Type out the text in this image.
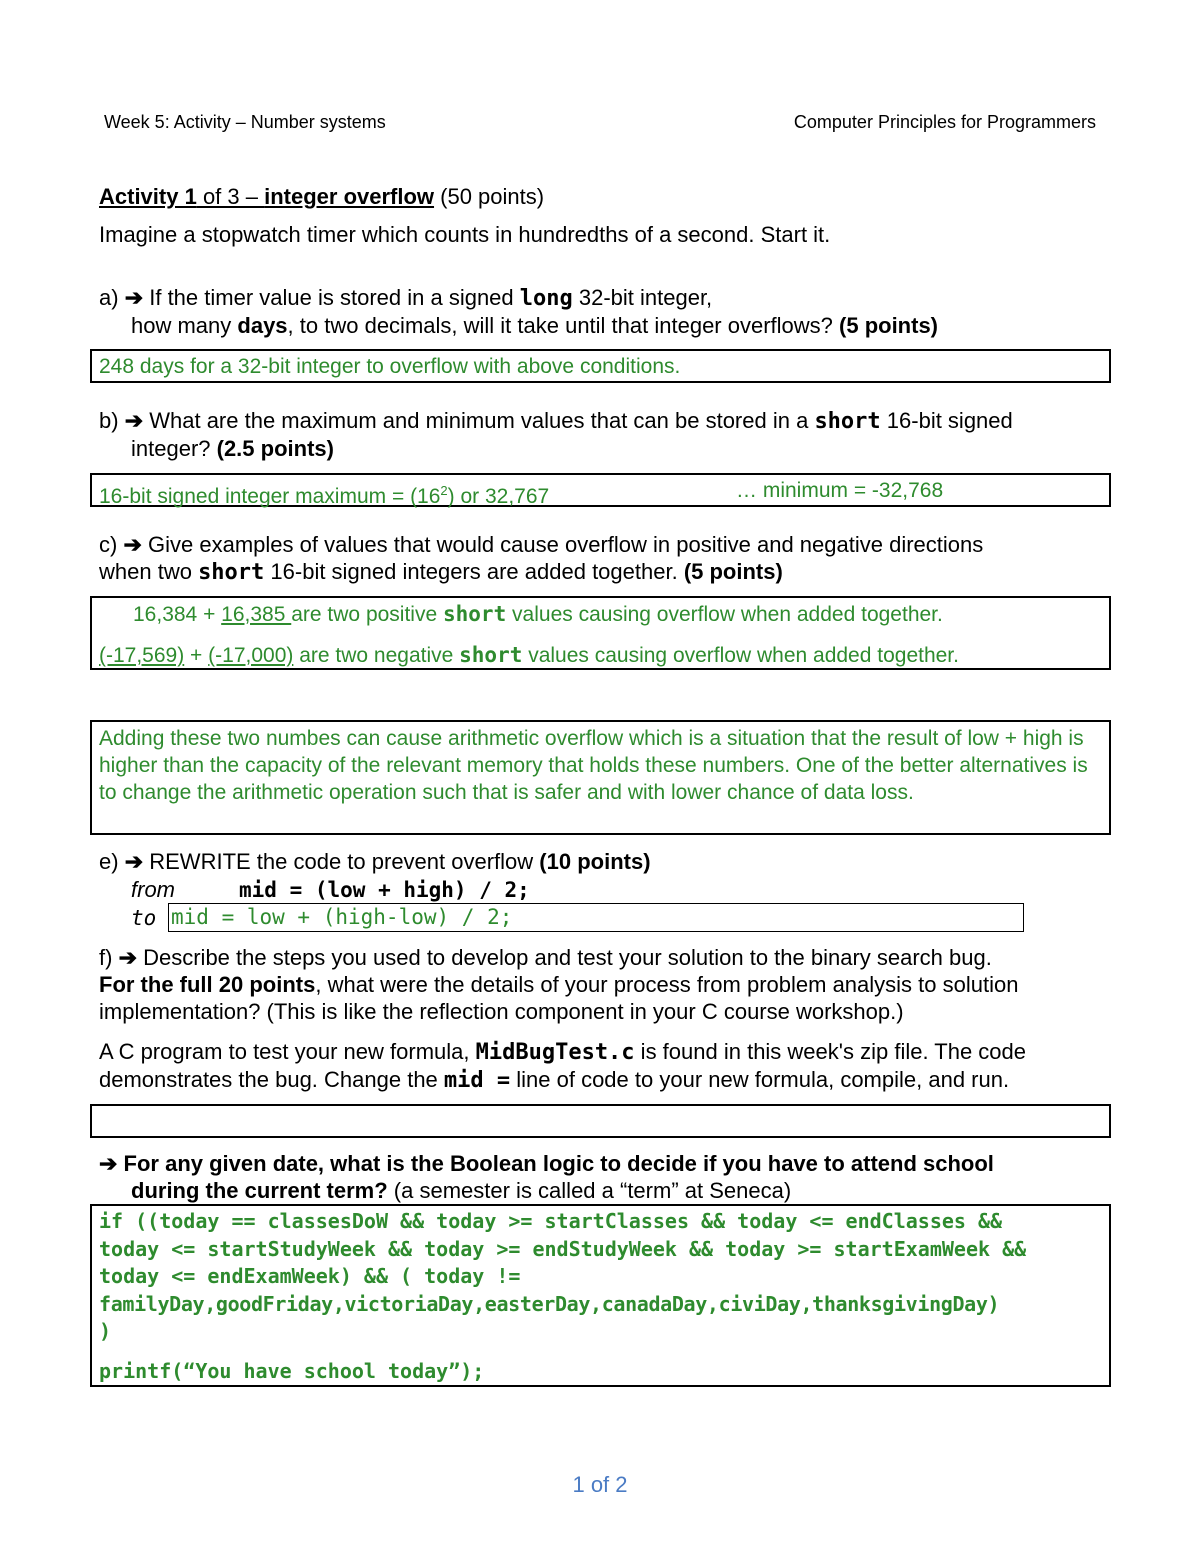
Week 5: Activity – Number systems	Computer Principles for Programmers
Activity 1 of 3 – integer overflow (50 points)
Imagine a stopwatch timer which counts in hundredths of a second. Start it.
a) ➔ If the timer value is stored in a signed long 32-bit integer,
how many days, to two decimals, will it take until that integer overflows? (5 points)
248 days for a 32-bit integer to overflow with above conditions.
b) ➔ What are the maximum and minimum values that can be stored in a short 16-bit signed
integer? (2.5 points)
16-bit signed integer maximum = $(16^2)$ or 32,767	… minimum = -32,768
c) ➔ Give examples of values that would cause overflow in positive and negative directions
when two short 16-bit signed integers are added together. (5 points)
16,384 + 16,385 are two positive short values causing overflow when added together.
(-17,569) + (-17,000) are two negative short values causing overflow when added together.
Adding these two numbes can cause arithmetic overflow which is a situation that the result of low + high is higher than the capacity of the relevant memory that holds these numbers. One of the better alternatives is to change the arithmetic operation such that is safer and with lower chance of data loss.
e) ➔ REWRITE the code to prevent overflow (10 points)
from	mid = (low + high) / 2;
to mid = low + (high-low) / 2;
f) ➔ Describe the steps you used to develop and test your solution to the binary search bug.
For the full 20 points, what were the details of your process from problem analysis to solution
implementation? (This is like the reflection component in your C course workshop.)
A C program to test your new formula, MidBugTest.c is found in this week's zip file. The code
demonstrates the bug. Change the mid = line of code to your new formula, compile, and run.
➔ For any given date, what is the Boolean logic to decide if you have to attend school
during the current term? (a semester is called a “term” at Seneca)
if ((today == classesDoW && today >= startClasses && today <= endClasses &&
today <= startStudyWeek && today >= endStudyWeek && today >= startExamWeek &&
today <= endExamWeek) && ( today !=
familyDay,goodFriday,victoriaDay,easterDay,canadaDay,civiDay,thanksgivingDay)
)
printf(“You have school today”);
1 of 2
